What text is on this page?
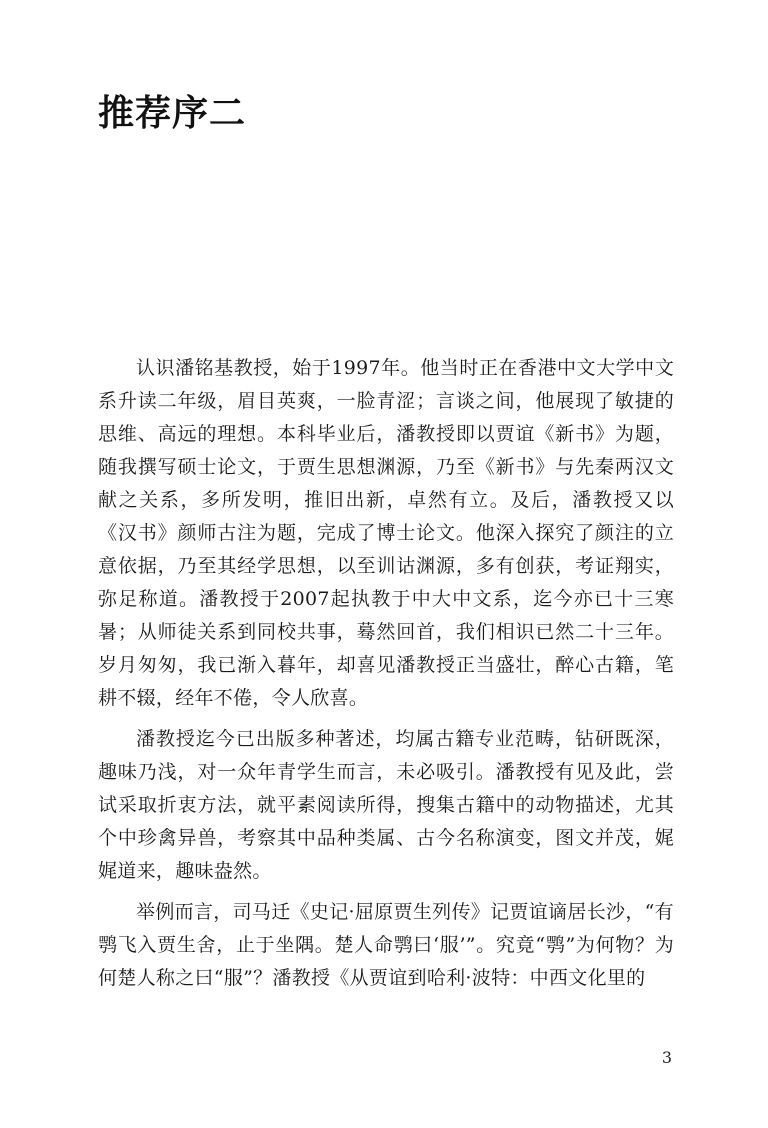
推荐序二

认识潘铭基教授，始于1997年。他当时正在香港中文大学中文系升读二年级，眉目英爽，一脸青涩；言谈之间，他展现了敏捷的思维、高远的理想。本科毕业后，潘教授即以贾谊《新书》为题，随我撰写硕士论文，于贾生思想渊源，乃至《新书》与先秦两汉文献之关系，多所发明，推旧出新，卓然有立。及后，潘教授又以《汉书》颜师古注为题，完成了博士论文。他深入探究了颜注的立意依据，乃至其经学思想，以至训诂渊源，多有创获，考证翔实，弥足称道。潘教授于2007起执教于中大中文系，迄今亦已十三寒暑；从师徒关系到同校共事，蓦然回首，我们相识已然二十三年。岁月匆匆，我已渐入暮年，却喜见潘教授正当盛壮，醉心古籍，笔耕不辍，经年不倦，令人欣喜。

潘教授迄今已出版多种著述，均属古籍专业范畴，钻研既深，趣味乃浅，对一众年青学生而言，未必吸引。潘教授有见及此，尝试采取折衷方法，就平素阅读所得，搜集古籍中的动物描述，尤其个中珍禽异兽，考察其中品种类属、古今名称演变，图文并茂，娓娓道来，趣味盎然。

举例而言，司马迁《史记·屈原贾生列传》记贾谊谪居长沙，“有鹗飞入贾生舍，止于坐隅。楚人命鹗曰‘服’”。究竟“鹗”为何物？为何楚人称之曰“服”？潘教授《从贾谊到哈利·波特：中西文化里的

3
